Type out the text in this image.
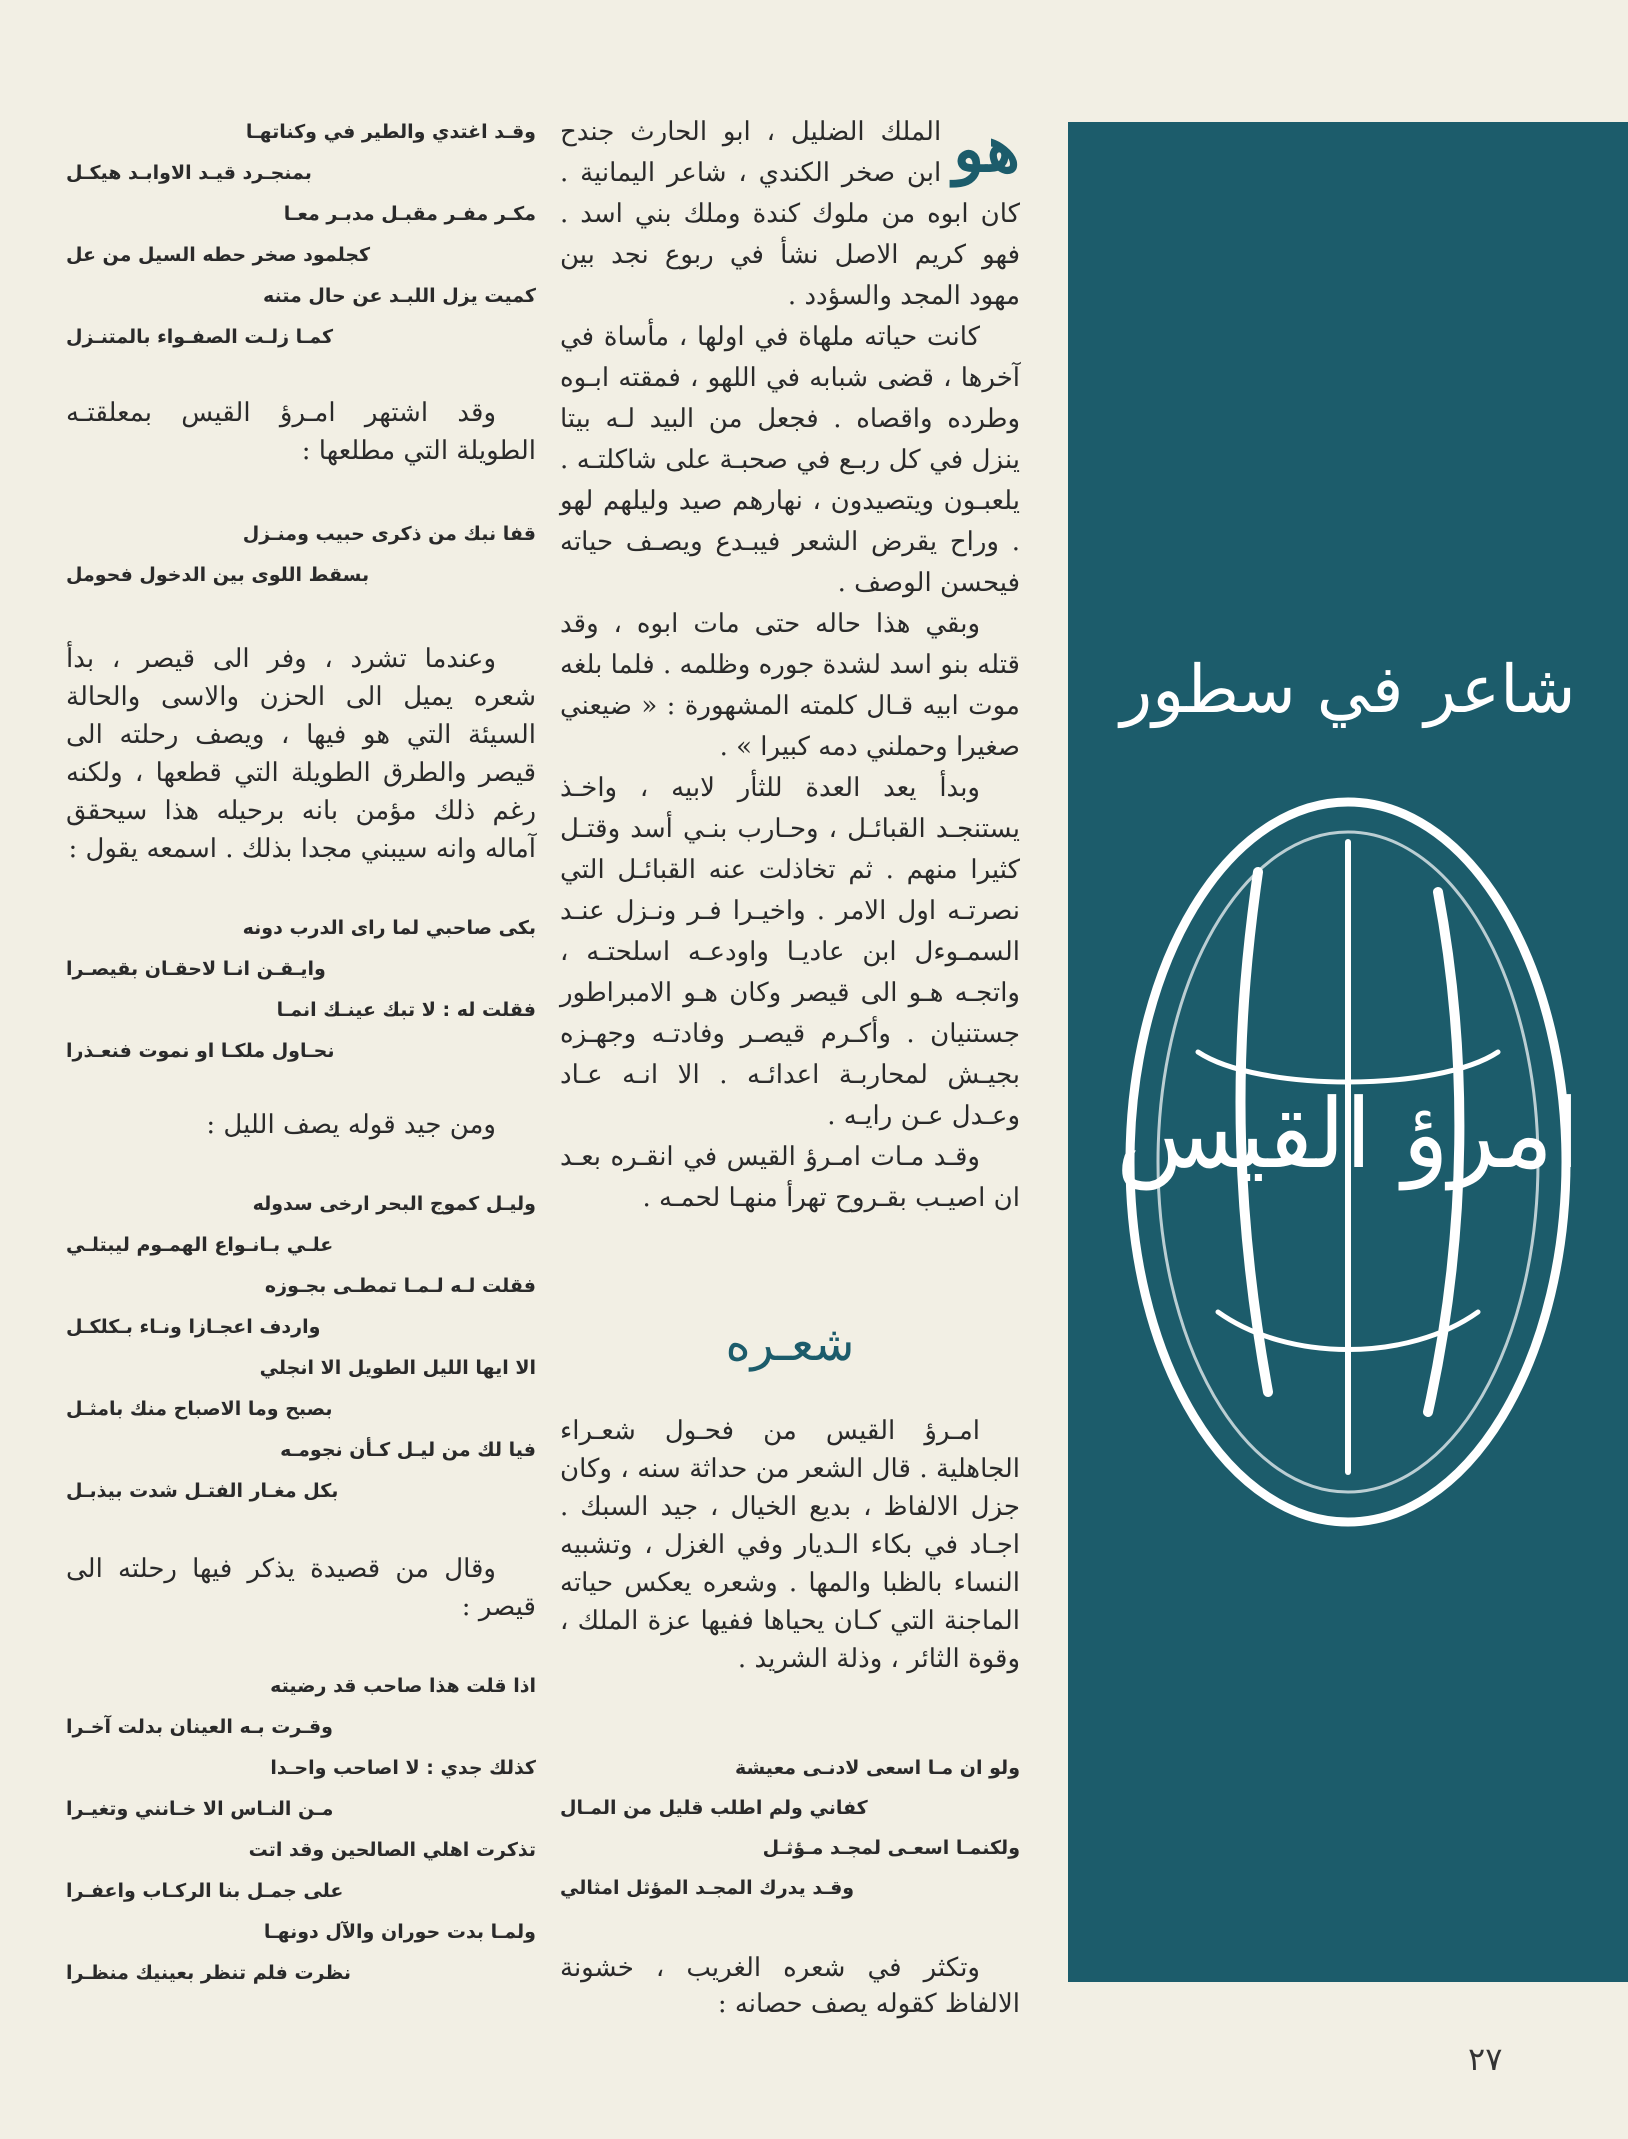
شاعر في سطور
امرؤ القيس
هو

الملك الضليل ، ابو الحارث جندح ابن صخر الكندي ، شاعر اليمانية . كان ابوه من ملوك كندة وملك بني اسد . فهو كريم الاصل نشأ في ربوع نجد بين مهود المجد والسؤدد .

كانت حياته ملهاة في اولها ، مأساة في آخرها ، قضى شبابه في اللهو ، فمقته ابـوه وطرده واقصاه . فجعل من البيد لـه بيتا ينزل في كل ربـع في صحبـة على شاكلتـه . يلعبـون ويتصيدون ، نهارهم صيد وليلهم لهو . وراح يقرض الشعر فيبـدع ويصـف حياته فيحسن الوصف .

وبقي هذا حاله حتى مات ابوه ، وقد قتله بنو اسد لشدة جوره وظلمه . فلما بلغه موت ابيه قـال كلمته المشهورة : « ضيعني صغيرا وحملني دمه كبيرا » .

وبدأ يعد العدة للثأر لابيه ، واخـذ يستنجـد القبائـل ، وحـارب بنـي أسد وقتـل كثيرا منهم . ثم تخاذلت عنه القبائـل التي نصرتـه اول الامر . واخيـرا فـر ونـزل عنـد السمـوءل ابن عاديـا واودعـه اسلحتـه ، واتجـه هـو الى قيصر وكان هـو الامبراطور جستنيان . وأكـرم قيصـر وفادتـه وجهـزه بجيـش لمحاربـة اعدائـه . الا انـه عـاد وعـدل عـن رايـه .

وقـد مـات امـرؤ القيس في انقـره بعـد ان اصيـب بقـروح تهرأ منهـا لحمـه .

شعـره

امـرؤ القيس من فحـول شعـراء الجاهلية . قال الشعر من حداثة سنه ، وكان جزل الالفاظ ، بديع الخيال ، جيد السبك . اجـاد في بكاء الـديار وفي الغزل ، وتشبيه النساء بالظبا والمها . وشعره يعكس حياته الماجنة التي كـان يحياها ففيها عزة الملك ، وقوة الثائر ، وذلة الشريد .

ولو ان مـا اسعى لادنـى معيشة
كفاني ولم اطلب قليل من المـال
ولكنمـا اسعـى لمجـد مـؤثـل
وقـد يدرك المجـد المؤثل امثالي

وتكثر في شعره الغريب ، خشونة الالفاظ كقوله يصف حصانه :

وقـد اغتدي والطير في وكناتهـا
بمنجـرد قيـد الاوابـد هيكـل
مكـر مفـر مقبـل مدبـر معـا
كجلمود صخر حطه السيل من عل
كميت يزل اللبـد عن حال متنه
كمـا زلـت الصفـواء بالمتنـزل

وقد اشتهر امـرؤ القيس بمعلقتـه الطويلة التي مطلعها :

قفا نبك من ذكرى حبيب ومنـزل
بسقط اللوى بين الدخول فحومل

وعندما تشرد ، وفر الى قيصر ، بدأ شعره يميل الى الحزن والاسى والحالة السيئة التي هو فيها ، ويصف رحلته الى قيصر والطرق الطويلة التي قطعها ، ولكنه رغم ذلك مؤمن بانه برحيله هذا سيحقق آماله وانه سيبني مجدا بذلك . اسمعه يقول :

بكى صاحبي لما راى الدرب دونه
وايـقـن انـا لاحقـان بقيصـرا
فقلت له : لا تبك عينـك انمـا
نحـاول ملكـا او نموت فنعـذرا

ومن جيد قوله يصف الليل :

وليـل كموج البحر ارخى سدوله
علـي بـانـواع الهمـوم ليبتلـي
فقلت لـه لـمـا تمطـى بجـوزه
واردف اعجـازا ونـاء بـكلكـل
الا ايها الليل الطويل الا انجلي
بصبح وما الاصباح منك بامثـل
فيا لك من ليـل كـأن نجومـه
بكل مغـار الفتـل شدت بيذبـل

وقال من قصيدة يذكر فيها رحلته الى قيصر :

اذا قلت هذا صاحب قد رضيته
وقـرت بـه العينان بدلت آخـرا
كذلك جدي : لا اصاحب واحـدا
مـن النـاس الا خـانني وتغيـرا
تذكرت اهلي الصالحين وقد اتت
على جمـل بنا الركـاب واعفـرا
ولمـا بدت حوران والآل دونهـا
نظرت فلم تنظر بعينيك منظـرا
٢٧
